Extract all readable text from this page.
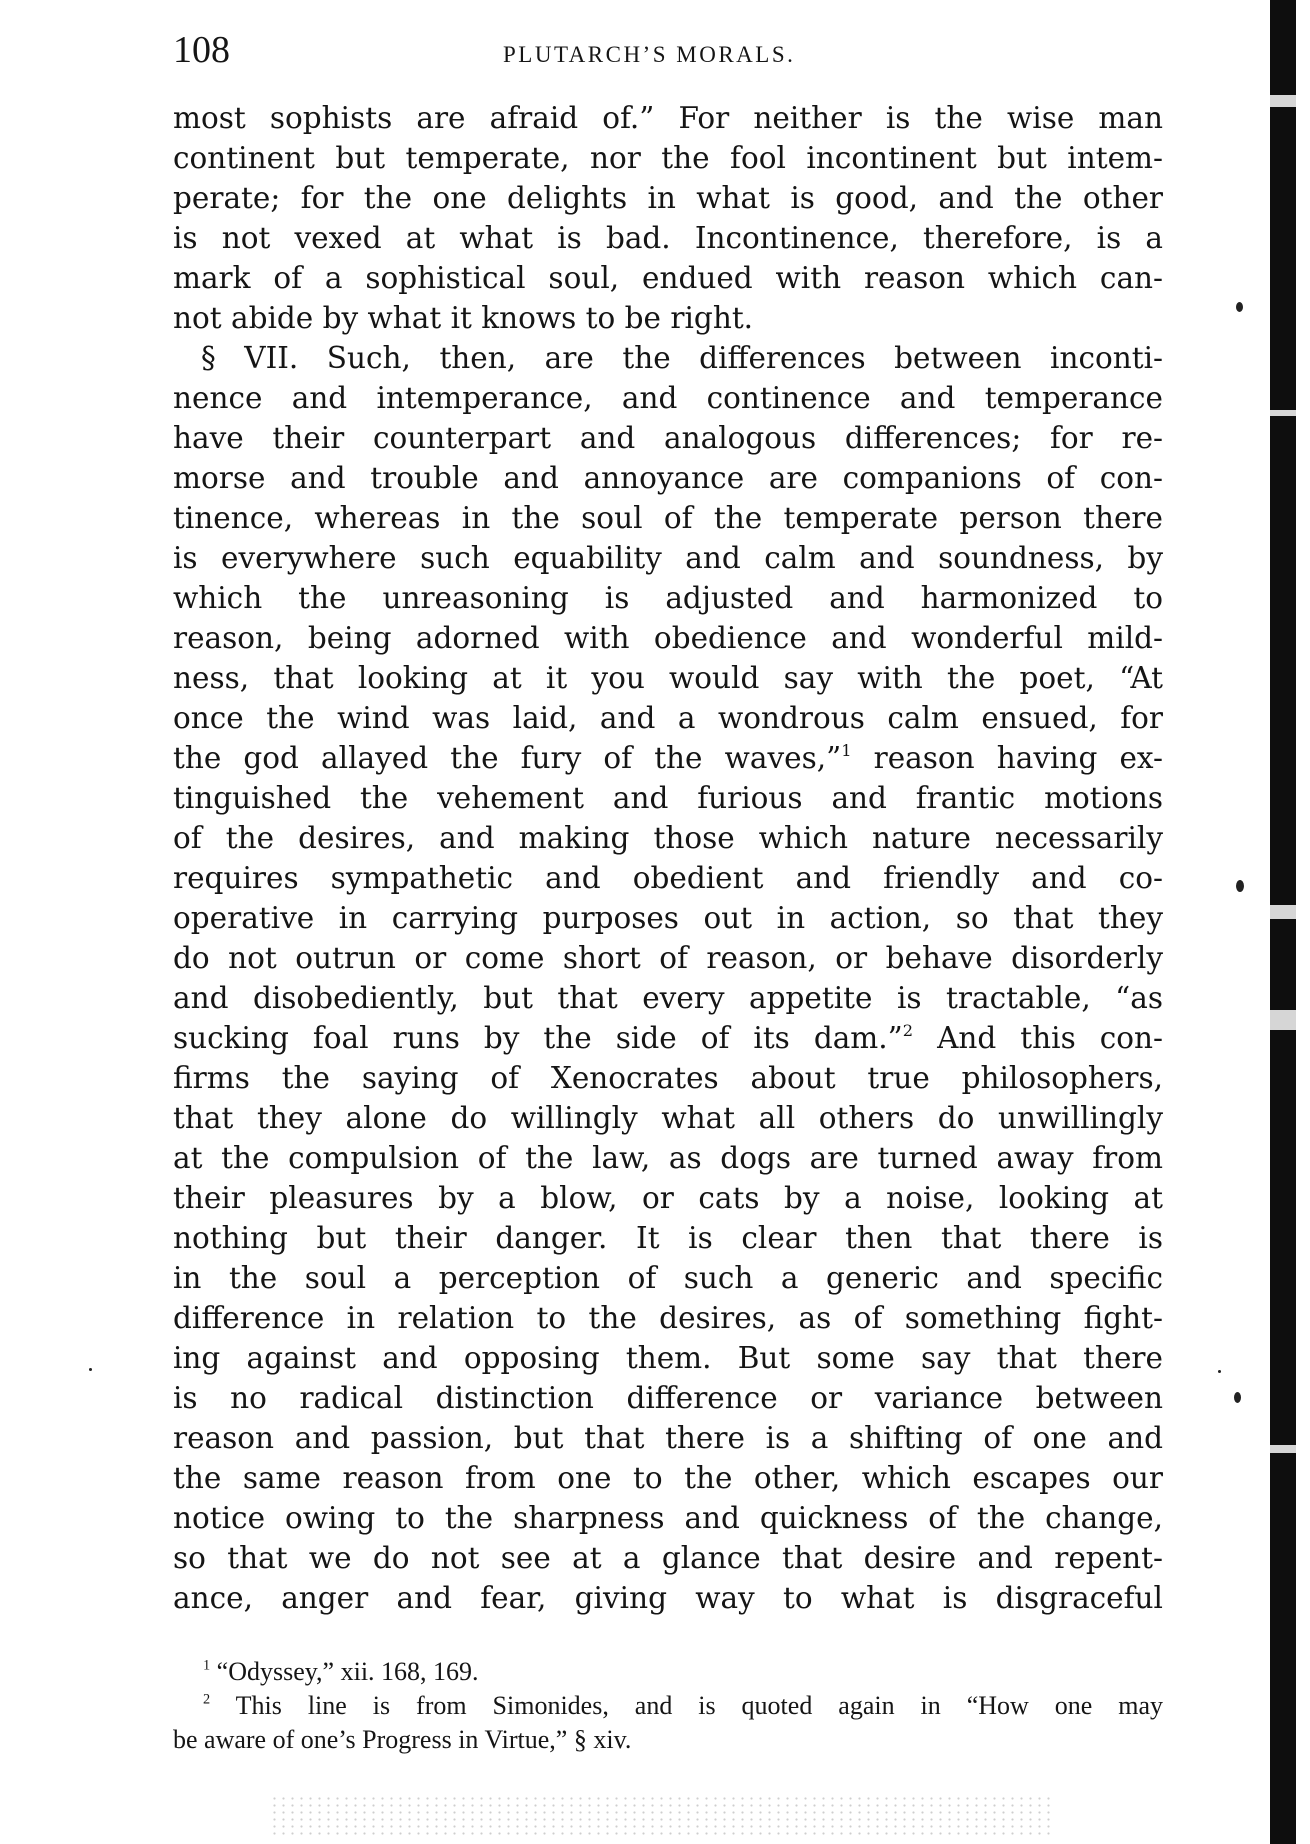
108	PLUTARCH’S MORALS.
most sophists are afraid of.” For neither is the wise man
continent but temperate, nor the fool incontinent but intem-
perate; for the one delights in what is good, and the other
is not vexed at what is bad. Incontinence, therefore, is a
mark of a sophistical soul, endued with reason which can-
not abide by what it knows to be right.
§ VII. Such, then, are the differences between inconti-
nence and intemperance, and continence and temperance
have their counterpart and analogous differences; for re-
morse and trouble and annoyance are companions of con-
tinence, whereas in the soul of the temperate person there
is everywhere such equability and calm and soundness, by
which the unreasoning is adjusted and harmonized to
reason, being adorned with obedience and wonderful mild-
ness, that looking at it you would say with the poet, “At
once the wind was laid, and a wondrous calm ensued, for
the god allayed the fury of the waves,”$^1$ reason having ex-
tinguished the vehement and furious and frantic motions
of the desires, and making those which nature necessarily
requires sympathetic and obedient and friendly and co-
operative in carrying purposes out in action, so that they
do not outrun or come short of reason, or behave disorderly
and disobediently, but that every appetite is tractable, “as
sucking foal runs by the side of its dam.”$^2$ And this con-
firms the saying of Xenocrates about true philosophers,
that they alone do willingly what all others do unwillingly
at the compulsion of the law, as dogs are turned away from
their pleasures by a blow, or cats by a noise, looking at
nothing but their danger. It is clear then that there is
in the soul a perception of such a generic and specific
difference in relation to the desires, as of something fight-
ing against and opposing them. But some say that there
is no radical distinction difference or variance between
reason and passion, but that there is a shifting of one and
the same reason from one to the other, which escapes our
notice owing to the sharpness and quickness of the change,
so that we do not see at a glance that desire and repent-
ance, anger and fear, giving way to what is disgraceful
$^1$ “Odyssey,” xii. 168, 169.
$^2$ This line is from Simonides, and is quoted again in “How one may
be aware of one’s Progress in Virtue,” § xiv.
